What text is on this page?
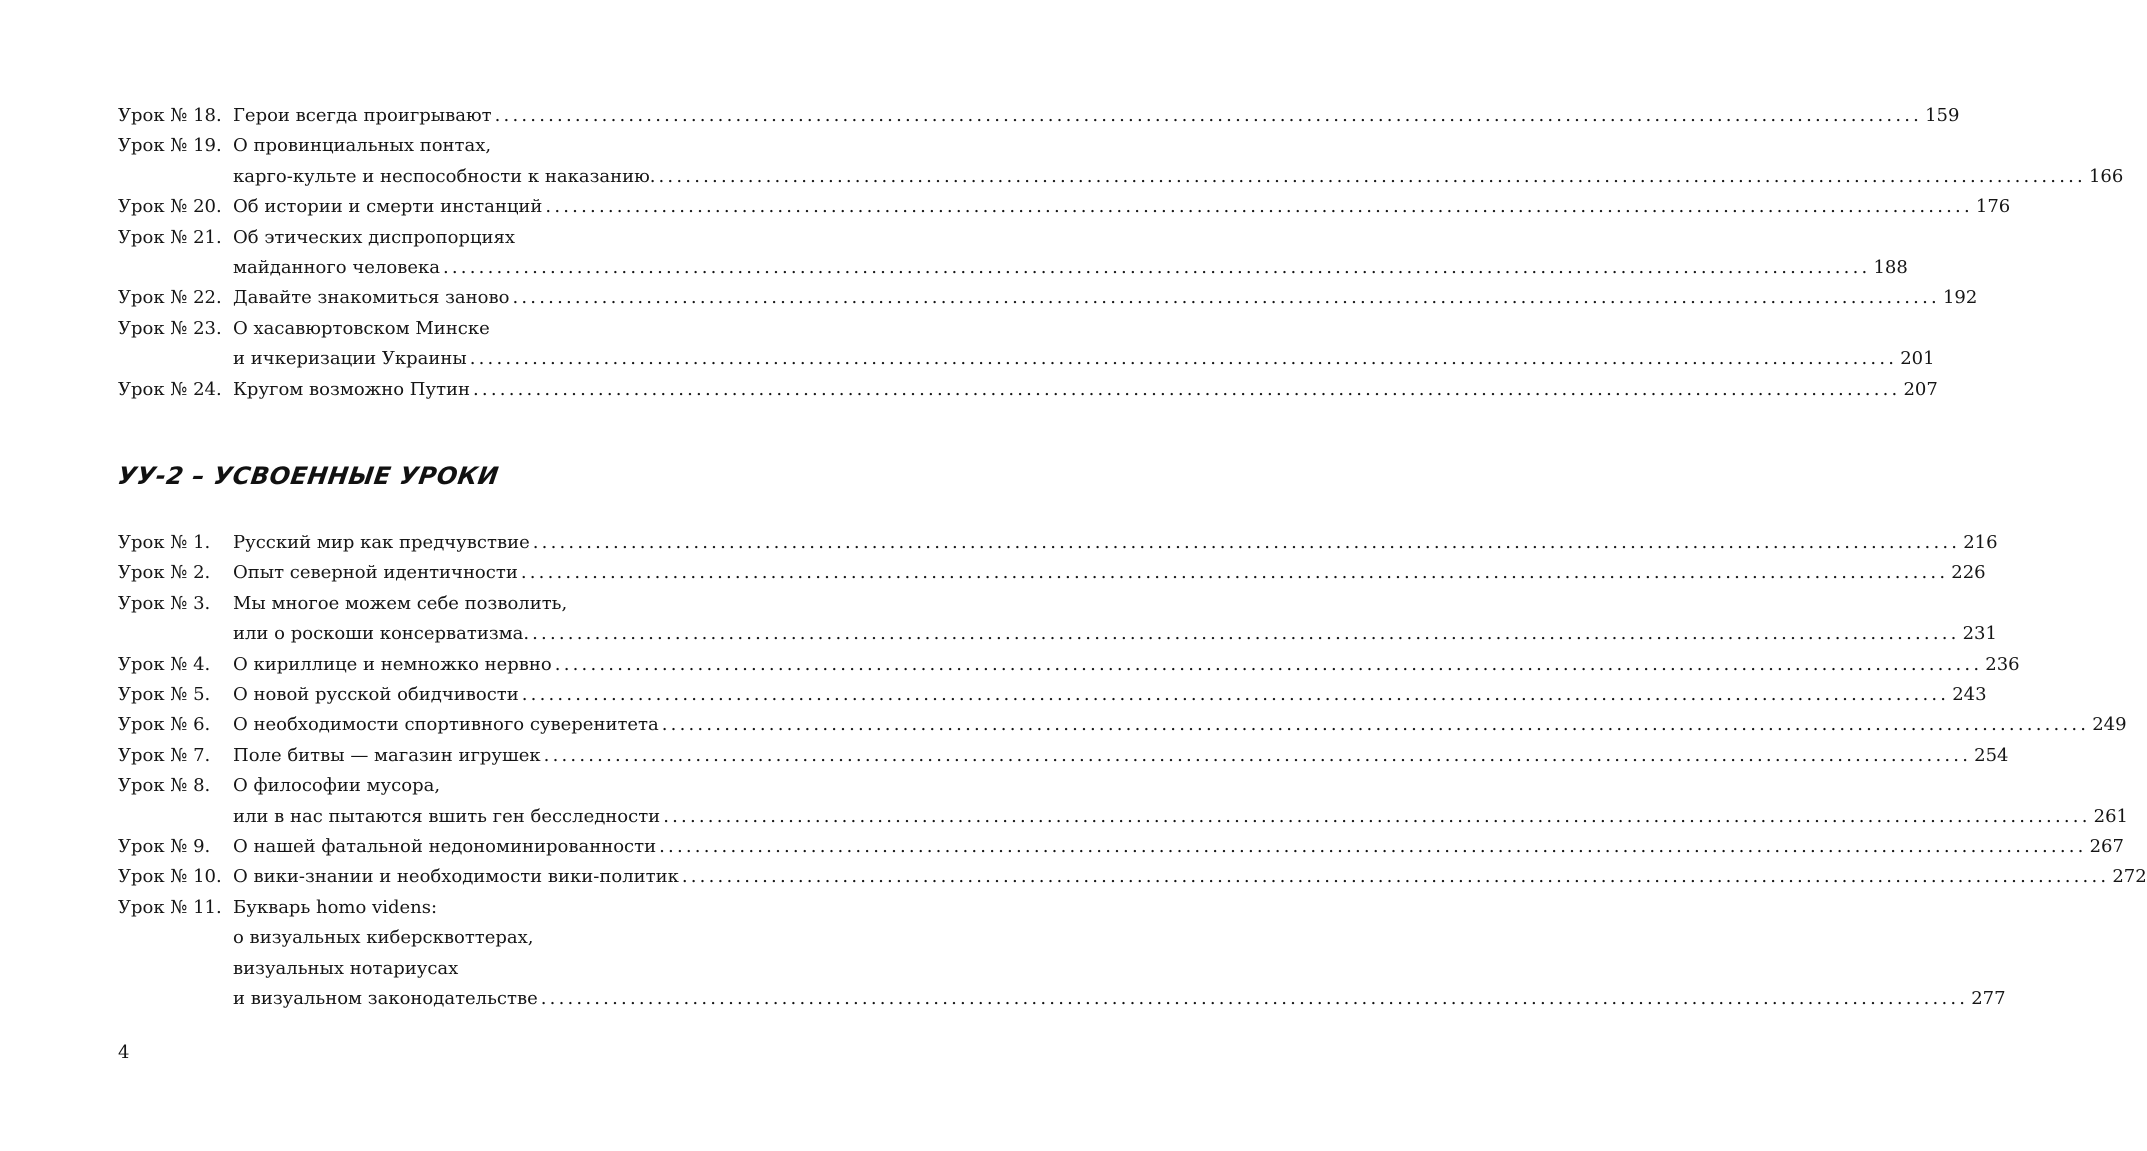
Урок № 18. Герои всегда проигрывают ................................................................................................................................................................ 159
Урок № 19. О провинциальных понтах,
карго-культе и неспособности к наказанию. ................................................................................................................................................................ 166
Урок № 20. Об истории и смерти инстанций ................................................................................................................................................................ 176
Урок № 21. Об этических диспропорциях
майданного человека ................................................................................................................................................................ 188
Урок № 22. Давайте знакомиться заново ................................................................................................................................................................ 192
Урок № 23. О хасавюртовском Минске
и ичкеризации Украины ................................................................................................................................................................ 201
Урок № 24. Кругом возможно Путин ................................................................................................................................................................ 207
УУ-2 – УСВОЕННЫЕ УРОКИ
Урок № 1.	Русский мир как предчувствие ................................................................................................................................................................ 216
Урок № 2.	Опыт северной идентичности ................................................................................................................................................................ 226
Урок № 3.	Мы многое можем себе позволить,
или о роскоши консерватизма. ................................................................................................................................................................ 231
Урок № 4.	О кириллице и немножко нервно ................................................................................................................................................................ 236
Урок № 5.	О новой русской обидчивости ................................................................................................................................................................ 243
Урок № 6.	О необходимости спортивного суверенитета ................................................................................................................................................................ 249
Урок № 7.	Поле битвы — магазин игрушек ................................................................................................................................................................ 254
Урок № 8.	О философии мусора,
или в нас пытаются вшить ген бесследности ................................................................................................................................................................ 261
Урок № 9.	О нашей фатальной недономинированности ................................................................................................................................................................ 267
Урок № 10. О вики-знании и необходимости вики-политик ................................................................................................................................................................ 272
Урок № 11. Букварь homo videns:
о визуальных киберсквоттерах,
визуальных нотариусах
и визуальном законодательстве ................................................................................................................................................................ 277
4
